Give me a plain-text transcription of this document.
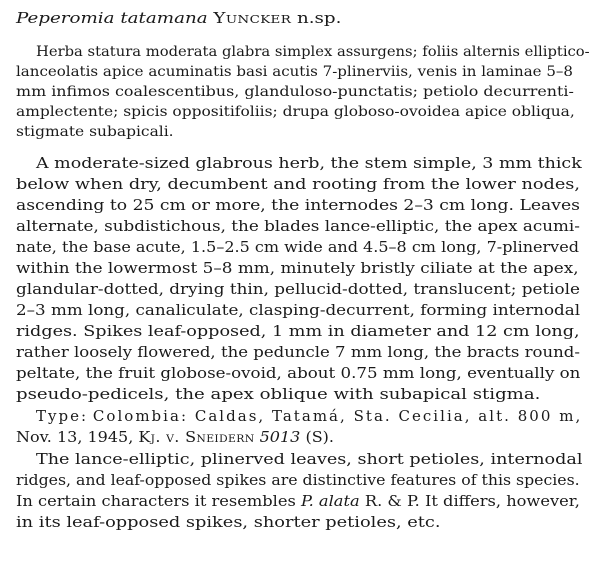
Peperomia tatamana Yuncker n.sp.
Herba statura moderata glabra simplex assurgens; foliis alternis elliptico-
lanceolatis apice acuminatis basi acutis 7-plinerviis, venis in laminae 5–8
mm infimos coalescentibus, glanduloso-punctatis; petiolo decurrenti-
amplectente; spicis oppositifoliis; drupa globoso-ovoidea apice obliqua,
stigmate subapicali.
A moderate-sized glabrous herb, the stem simple, 3 mm thick
below when dry, decumbent and rooting from the lower nodes,
ascending to 25 cm or more, the internodes 2–3 cm long. Leaves
alternate, subdistichous, the blades lance-elliptic, the apex acumi-
nate, the base acute, 1.5–2.5 cm wide and 4.5–8 cm long, 7-plinerved
within the lowermost 5–8 mm, minutely bristly ciliate at the apex,
glandular-dotted, drying thin, pellucid-dotted, translucent; petiole
2–3 mm long, canaliculate, clasping-decurrent, forming internodal
ridges. Spikes leaf-opposed, 1 mm in diameter and 12 cm long,
rather loosely flowered, the peduncle 7 mm long, the bracts round-
peltate, the fruit globose-ovoid, about 0.75 mm long, eventually on
pseudo-pedicels, the apex oblique with subapical stigma.
Type: Colombia: Caldas, Tatamá, Sta. Cecilia, alt. 800 m,
Nov. 13, 1945, Kj. v. Sneidern 5013 (S).
The lance-elliptic, plinerved leaves, short petioles, internodal
ridges, and leaf-opposed spikes are distinctive features of this species.
In certain characters it resembles P. alata R. & P. It differs, however,
in its leaf-opposed spikes, shorter petioles, etc.
